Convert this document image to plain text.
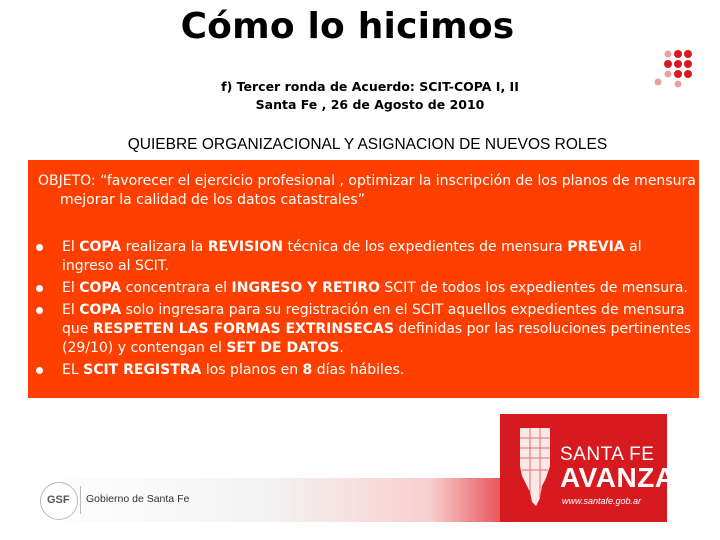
Cómo lo hicimos
f) Tercer ronda de Acuerdo: SCIT-COPA I, II
Santa Fe , 26 de Agosto de 2010
QUIEBRE ORGANIZACIONAL Y ASIGNACION DE NUEVOS ROLES
OBJETO: “favorecer el ejercicio profesional , optimizar la inscripción de los planos de mensura y mejorar la calidad de los datos catastrales”
El COPA realizara la REVISION técnica de los expedientes de mensura PREVIA al ingreso al SCIT.
El COPA concentrara el INGRESO Y RETIRO SCIT de todos los expedientes de mensura.
El COPA solo ingresara para su registración en el SCIT aquellos expedientes de mensura que RESPETEN LAS FORMAS EXTRINSECAS definidas por las resoluciones pertinentes (29/10) y contengan el SET DE DATOS.
EL SCIT REGISTRA los planos en 8 días hábiles.
GSF Gobierno de Santa Fe
SANTA FE
AVANZA
www.santafe.gob.ar
